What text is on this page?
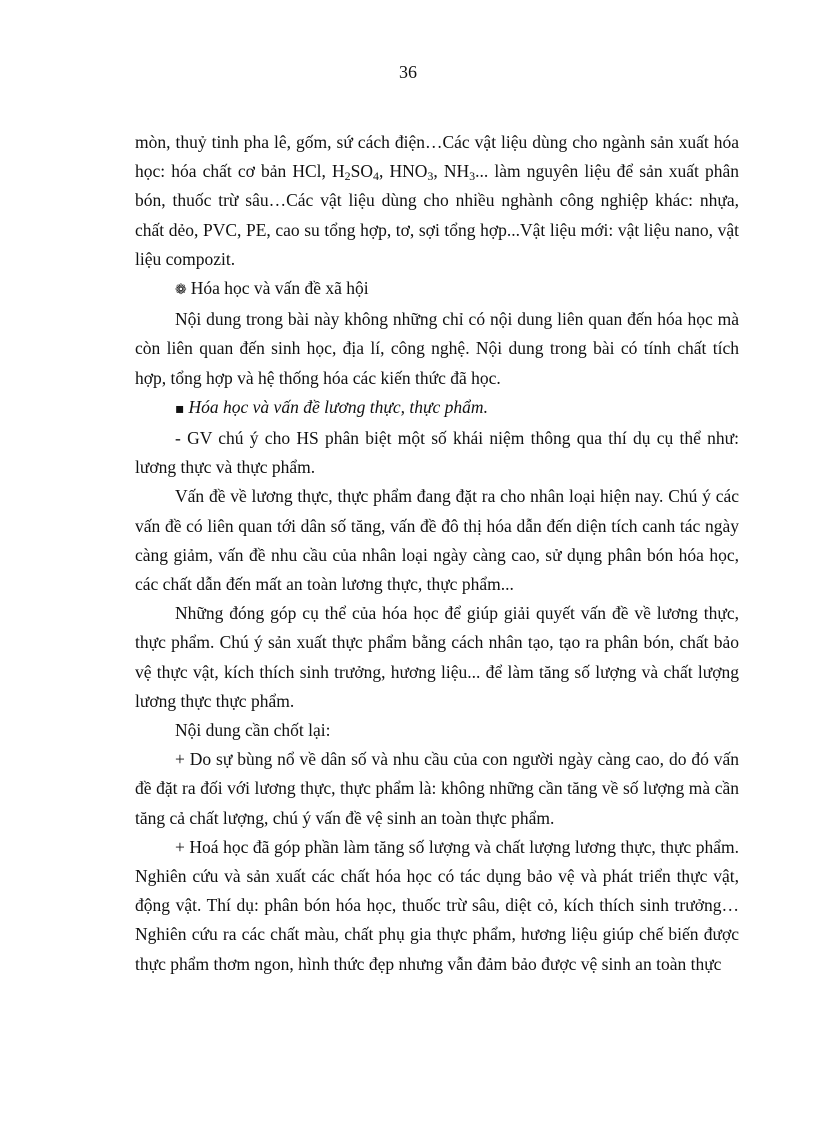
36

mòn, thuỷ tinh pha lê, gốm, sứ cách điện…Các vật liệu dùng cho ngành sản xuất hóa học: hóa chất cơ bản HCl, $H_2SO_4$, $HNO_3$, $NH_3$... làm nguyên liệu để sản xuất phân bón, thuốc trừ sâu…Các vật liệu dùng cho nhiều nghành công nghiệp khác: nhựa, chất dẻo, PVC, PE, cao su tổng hợp, tơ, sợi tổng hợp...Vật liệu mới: vật liệu nano, vật liệu compozit.

❁ Hóa học và vấn đề xã hội

Nội dung trong bài này không những chỉ có nội dung liên quan đến hóa học mà còn liên quan đến sinh học, địa lí, công nghệ. Nội dung trong bài có tính chất tích hợp, tổng hợp và hệ thống hóa các kiến thức đã học.

▪ Hóa học và vấn đề lương thực, thực phẩm.

- GV chú ý cho HS phân biệt một số khái niệm thông qua thí dụ cụ thể như: lương thực và thực phẩm.

Vấn đề về lương thực, thực phẩm đang đặt ra cho nhân loại hiện nay. Chú ý các vấn đề có liên quan tới dân số tăng, vấn đề đô thị hóa dẫn đến diện tích canh tác ngày càng giảm, vấn đề nhu cầu của nhân loại ngày càng cao, sử dụng phân bón hóa học, các chất dẫn đến mất an toàn lương thực, thực phẩm...

Những đóng góp cụ thể của hóa học để giúp giải quyết vấn đề về lương thực, thực phẩm. Chú ý sản xuất thực phẩm bằng cách nhân tạo, tạo ra phân bón, chất bảo vệ thực vật, kích thích sinh trưởng, hương liệu... để làm tăng số lượng và chất lượng lương thực thực phẩm.

Nội dung cần chốt lại:

+ Do sự bùng nổ về dân số và nhu cầu của con người ngày càng cao, do đó vấn đề đặt ra đối với lương thực, thực phẩm là: không những cần tăng về số lượng mà cần tăng cả chất lượng, chú ý vấn đề vệ sinh an toàn thực phẩm.

+ Hoá học đã góp phần làm tăng số lượng và chất lượng lương thực, thực phẩm. Nghiên cứu và sản xuất các chất hóa học có tác dụng bảo vệ và phát triển thực vật, động vật. Thí dụ: phân bón hóa học, thuốc trừ sâu, diệt cỏ, kích thích sinh trưởng…Nghiên cứu ra các chất màu, chất phụ gia thực phẩm, hương liệu giúp chế biến được thực phẩm thơm ngon, hình thức đẹp nhưng vẫn đảm bảo được vệ sinh an toàn thực
